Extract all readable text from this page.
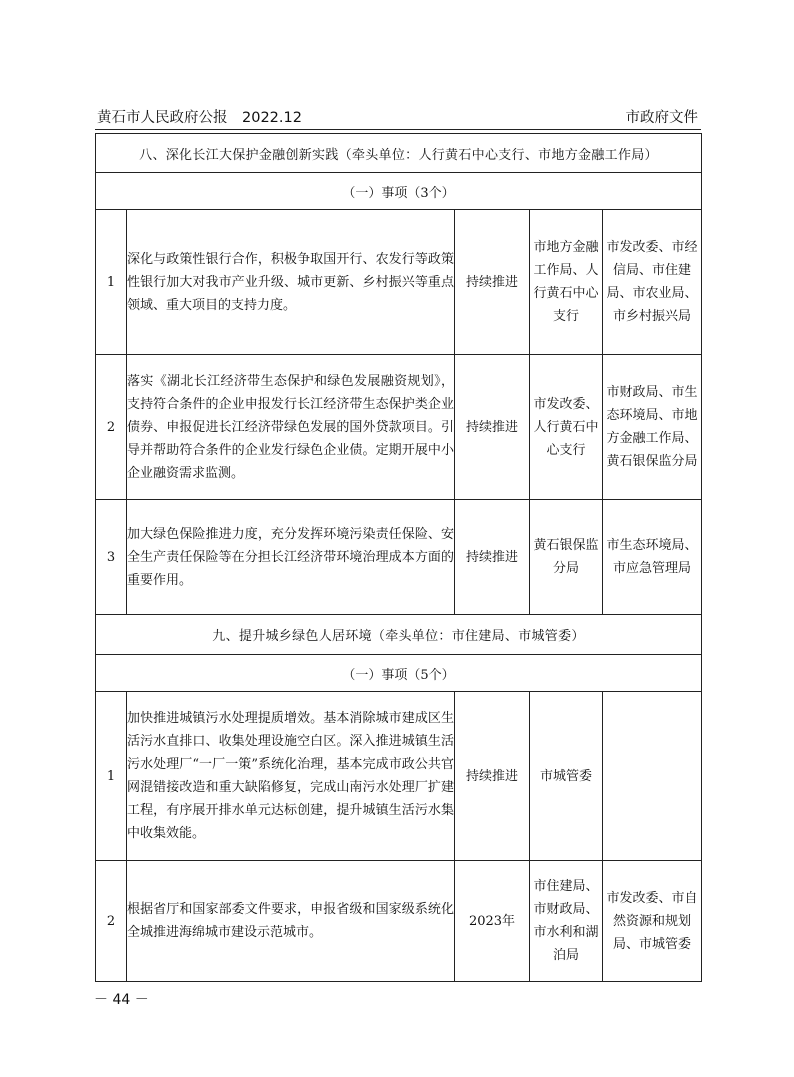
黄石市人民政府公报　2022.12	市政府文件
八、深化长江大保护金融创新实践（牵头单位：人行黄石中心支行、市地方金融工作局）				
（一）事项（3个）				
1	深化与政策性银行合作，积极争取国开行、农发行等政策性银行加大对我市产业升级、城市更新、乡村振兴等重点领域、重大项目的支持力度。	持续推进	市地方金融工作局、人行黄石中心支行	市发改委、市经信局、市住建局、市农业局、市乡村振兴局
2	落实《湖北长江经济带生态保护和绿色发展融资规划》，支持符合条件的企业申报发行长江经济带生态保护类企业债券、申报促进长江经济带绿色发展的国外贷款项目。引导并帮助符合条件的企业发行绿色企业债。定期开展中小企业融资需求监测。	持续推进	市发改委、人行黄石中心支行	市财政局、市生态环境局、市地方金融工作局、黄石银保监分局
3	加大绿色保险推进力度，充分发挥环境污染责任保险、安全生产责任保险等在分担长江经济带环境治理成本方面的重要作用。	持续推进	黄石银保监分局	市生态环境局、市应急管理局
九、提升城乡绿色人居环境（牵头单位：市住建局、市城管委）				
（一）事项（5个）				
1	加快推进城镇污水处理提质增效。基本消除城市建成区生活污水直排口、收集处理设施空白区。深入推进城镇生活污水处理厂“一厂一策”系统化治理，基本完成市政公共官网混错接改造和重大缺陷修复，完成山南污水处理厂扩建工程，有序展开排水单元达标创建，提升城镇生活污水集中收集效能。	持续推进	市城管委	
2	根据省厅和国家部委文件要求，申报省级和国家级系统化全城推进海绵城市建设示范城市。	2023年	市住建局、市财政局、市水利和湖泊局	市发改委、市自然资源和规划局、市城管委
－ 44 －
